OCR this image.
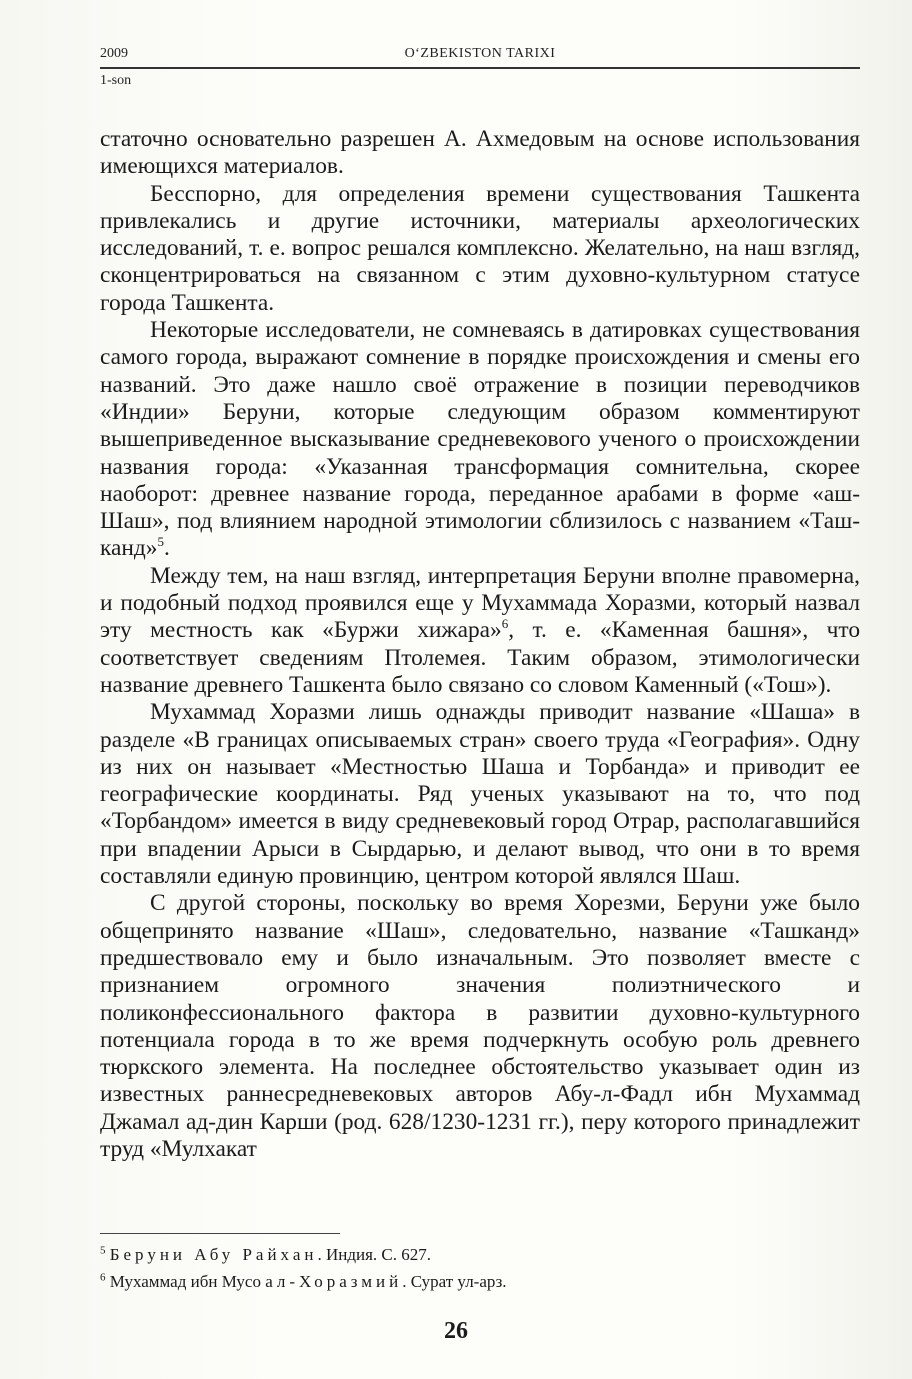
2009	O‘ZBEKISTON TARIXI
1-son

статочно основательно разрешен А. Ахмедовым на основе использования имеющихся материалов.

Бесспорно, для определения времени существования Ташкента привлекались и другие источники, материалы археологических исследований, т. е. вопрос решался комплексно. Желательно, на наш взгляд, сконцентрироваться на связанном с этим духовно-культурном статусе города Ташкента.

Некоторые исследователи, не сомневаясь в датировках существования самого города, выражают сомнение в порядке происхождения и смены его названий. Это даже нашло своё отражение в позиции переводчиков «Индии» Беруни, которые следующим образом комментируют вышеприведенное высказывание средневекового ученого о происхождении названия города: «Указанная трансформация сомнительна, скорее наоборот: древнее название города, переданное арабами в форме «аш-Шаш», под влиянием народной этимологии сблизилось с названием «Таш-канд»$^5$.

Между тем, на наш взгляд, интерпретация Беруни вполне правомерна, и подобный подход проявился еще у Мухаммада Хоразми, который назвал эту местность как «Буржи хижара»$^6$, т. е. «Каменная башня», что соответствует сведениям Птолемея. Таким образом, этимологически название древнего Ташкента было связано со словом Каменный («Тош»).

Мухаммад Хоразми лишь однажды приводит название «Шаша» в разделе «В границах описываемых стран» своего труда «География». Одну из них он называет «Местностью Шаша и Торбанда» и приводит ее географические координаты. Ряд ученых указывают на то, что под «Торбандом» имеется в виду средневековый город Отрар, располагавшийся при впадении Арыси в Сырдарью, и делают вывод, что они в то время составляли единую провинцию, центром которой являлся Шаш.

С другой стороны, поскольку во время Хорезми, Беруни уже было общепринято название «Шаш», следовательно, название «Ташканд» предшествовало ему и было изначальным. Это позволяет вместе с признанием огромного значения полиэтнического и поликонфессионального фактора в развитии духовно-культурного потенциала города в то же время подчеркнуть особую роль древнего тюркского элемента. На последнее обстоятельство указывает один из известных раннесредневековых авторов Абу-л-Фадл ибн Мухаммад Джамал ад-дин Карши (род. 628/1230-1231 гг.), перу которого принадлежит труд «Мулхакат

$^5$ Беруни Абу Райхан. Индия. С. 627.
$^6$ Мухаммад ибн Мусо ал-Хоразмий. Сурат ул-арз.
26
